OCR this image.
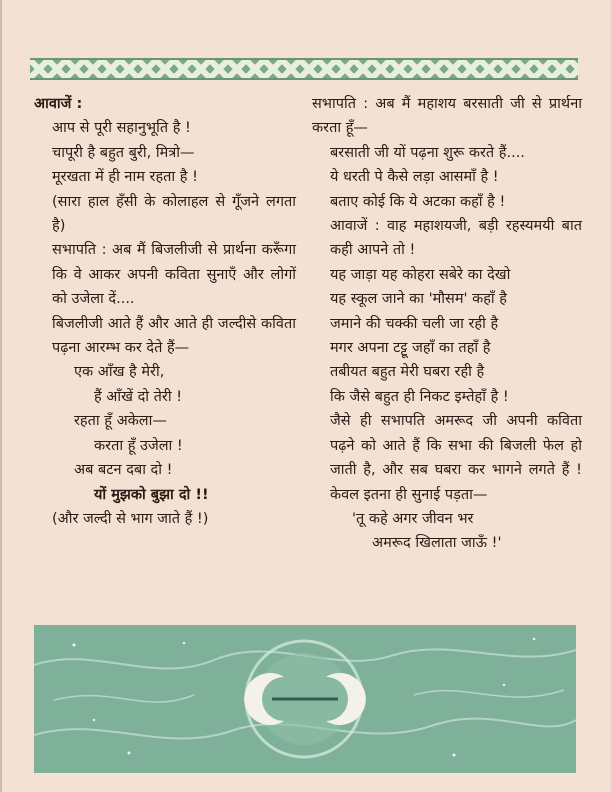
आवाजें :

आप से पूरी सहानुभूति है !

चापूरी है बहुत बुरी, मित्रो—

मूरखता में ही नाम रहता है !

(सारा हाल हँसी के कोलाहल से गूँजने लगता है)

सभापति : अब मैं बिजलीजी से प्रार्थना करूँगा कि वे आकर अपनी कविता सुनाएँ और लोगों को उजेला दें....

बिजलीजी आते हैं और आते ही जल्दीसे कविता पढ़ना आरम्भ कर देते हैं—

एक आँख है मेरी,

हैं आँखें दो तेरी !

रहता हूँ अकेला—

करता हूँ उजेला !

अब बटन दबा दो !

यों मुझको बुझा दो !!

(और जल्दी से भाग जाते हैं !)

सभापति : अब मैं महाशय बरसाती जी से प्रार्थना करता हूँ—

बरसाती जी यों पढ़ना शुरू करते हैं....

ये धरती पे कैसे लड़ा आसमाँ है !

बताए कोई कि ये अटका कहाँ है !

आवाजें : वाह महाशयजी, बड़ी रहस्यमयी बात कही आपने तो !

यह जाड़ा यह कोहरा सबेरे का देखो

यह स्कूल जाने का 'मौसम' कहाँ है

जमाने की चक्की चली जा रही है

मगर अपना टट्टू जहाँ का तहाँ है

तबीयत बहुत मेरी घबरा रही है

कि जैसे बहुत ही निकट इम्तेहाँ है !

जैसे ही सभापति अमरूद जी अपनी कविता पढ़ने को आते हैं कि सभा की बिजली फेल हो जाती है, और सब घबरा कर भागने लगते हैं ! केवल इतना ही सुनाई पड़ता—

'तू कहे अगर जीवन भर

अमरूद खिलाता जाऊँ !'
